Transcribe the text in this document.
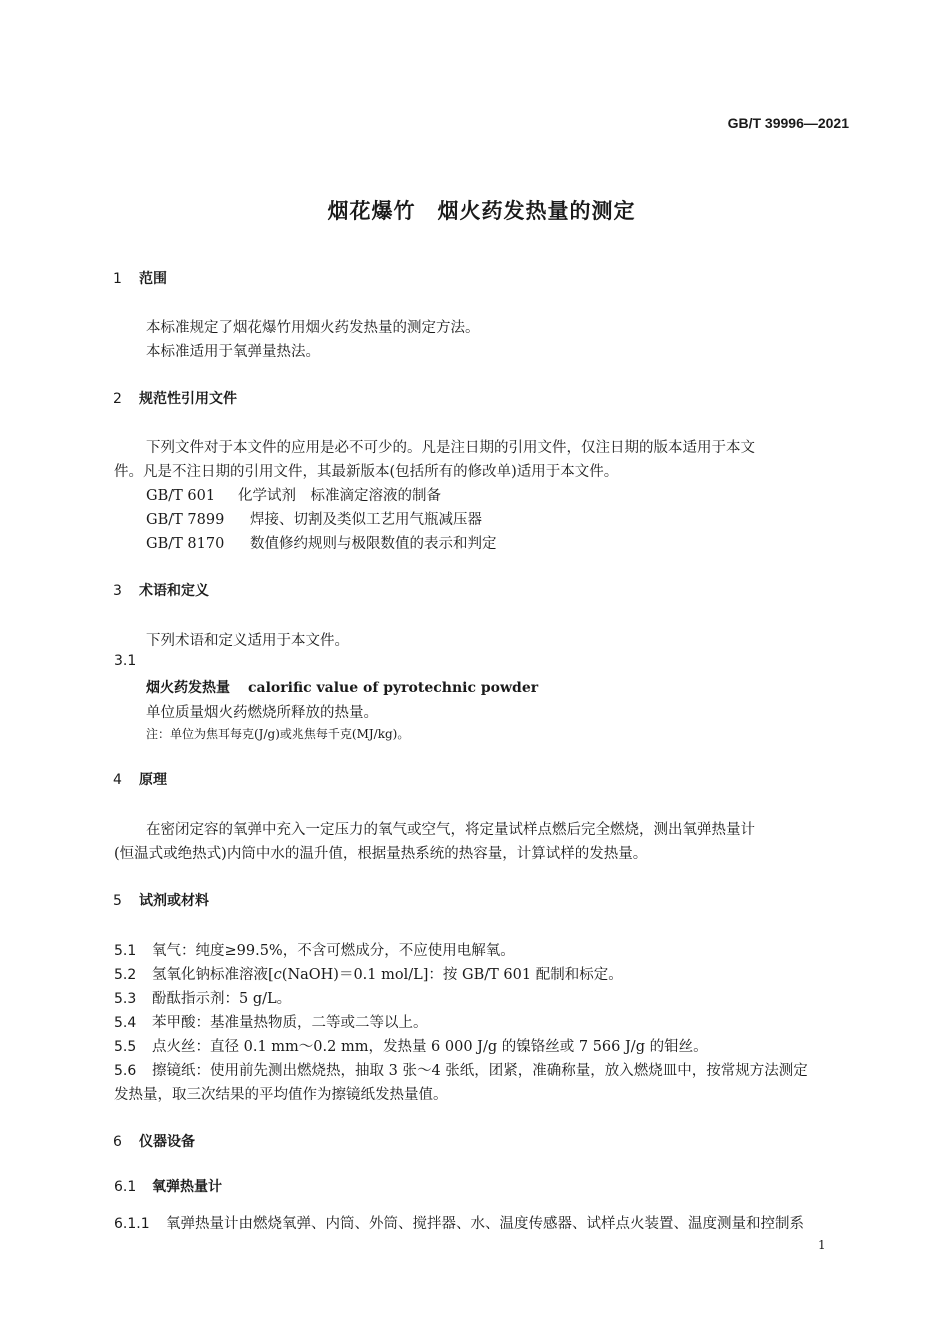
GB/T 39996—2021
烟花爆竹　烟火药发热量的测定
1 范围
本标准规定了烟花爆竹用烟火药发热量的测定方法。
本标准适用于氧弹量热法。
2 规范性引用文件
下列文件对于本文件的应用是必不可少的。凡是注日期的引用文件，仅注日期的版本适用于本文
件。凡是不注日期的引用文件，其最新版本(包括所有的修改单)适用于本文件。
GB/T 601 化学试剂　标准滴定溶液的制备
GB/T 7899 焊接、切割及类似工艺用气瓶减压器
GB/T 8170 数值修约规则与极限数值的表示和判定
3 术语和定义
下列术语和定义适用于本文件。
3.1
烟火药发热量 calorific value of pyrotechnic powder
单位质量烟火药燃烧所释放的热量。
注：单位为焦耳每克(J/g)或兆焦每千克(MJ/kg)。
4 原理
在密闭定容的氧弹中充入一定压力的氧气或空气，将定量试样点燃后完全燃烧，测出氧弹热量计
(恒温式或绝热式)内筒中水的温升值，根据量热系统的热容量，计算试样的发热量。
5 试剂或材料
5.1 氧气：纯度≥99.5%，不含可燃成分，不应使用电解氧。
5.2 氢氧化钠标准溶液[c(NaOH)＝0.1 mol/L]：按 GB/T 601 配制和标定。
5.3 酚酞指示剂：5 g/L。
5.4 苯甲酸：基准量热物质，二等或二等以上。
5.5 点火丝：直径 0.1 mm～0.2 mm，发热量 6 000 J/g 的镍铬丝或 7 566 J/g 的钼丝。
5.6 擦镜纸：使用前先测出燃烧热，抽取 3 张～4 张纸，团紧，准确称量，放入燃烧皿中，按常规方法测定
发热量，取三次结果的平均值作为擦镜纸发热量值。
6 仪器设备
6.1 氧弹热量计
6.1.1 氧弹热量计由燃烧氧弹、内筒、外筒、搅拌器、水、温度传感器、试样点火装置、温度测量和控制系
1
